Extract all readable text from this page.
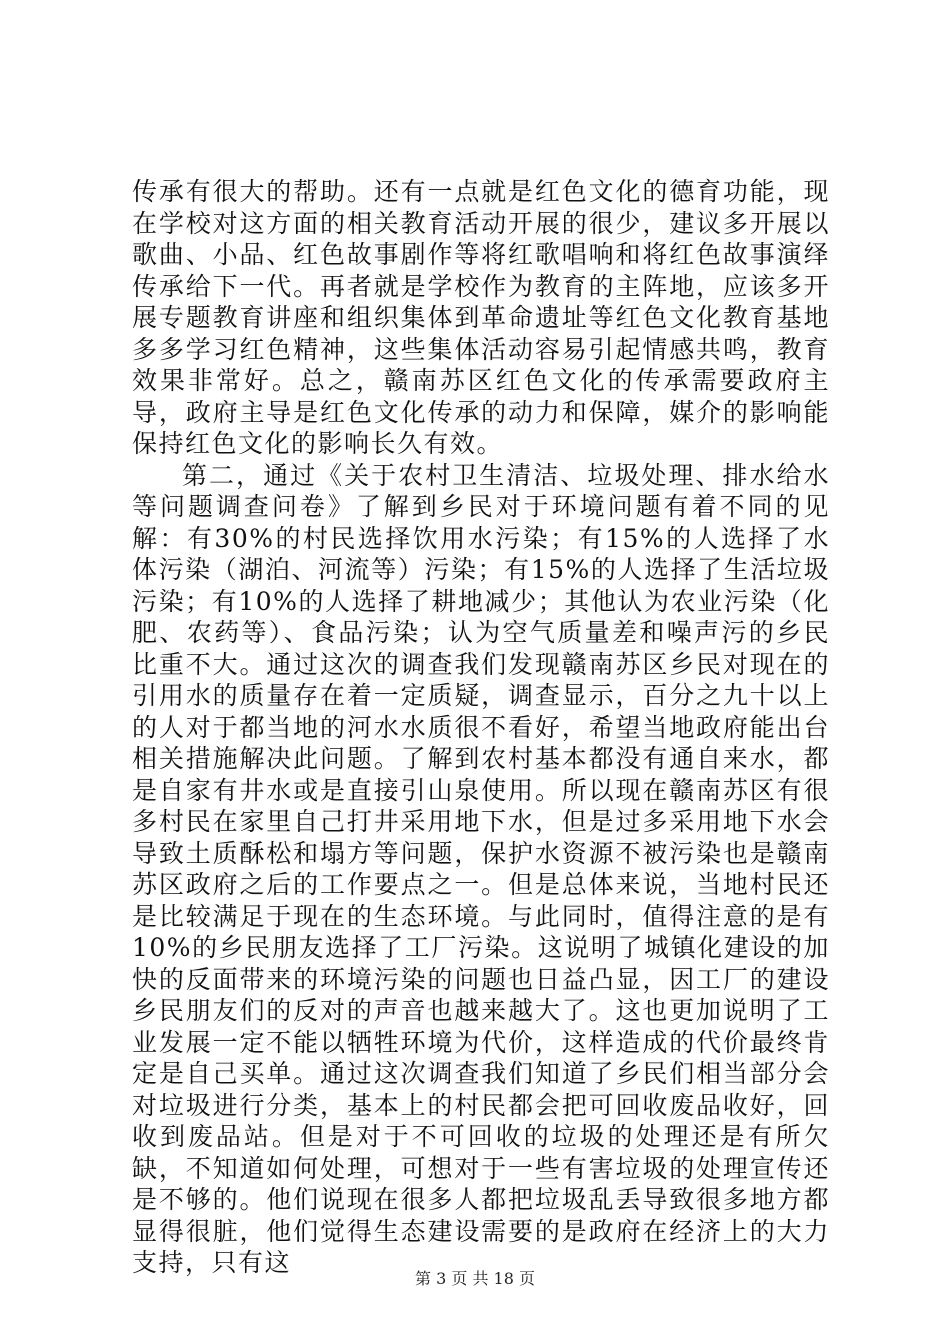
传承有很大的帮助。还有一点就是红色文化的德育功能，现在学校对这方面的相关教育活动开展的很少，建议多开展以歌曲、小品、红色故事剧作等将红歌唱响和将红色故事演绎传承给下一代。再者就是学校作为教育的主阵地，应该多开展专题教育讲座和组织集体到革命遗址等红色文化教育基地多多学习红色精神，这些集体活动容易引起情感共鸣，教育效果非常好。总之，赣南苏区红色文化的传承需要政府主导，政府主导是红色文化传承的动力和保障，媒介的影响能保持红色文化的影响长久有效。

第二，通过《关于农村卫生清洁、垃圾处理、排水给水等问题调查问卷》了解到乡民对于环境问题有着不同的见解：有30%的村民选择饮用水污染；有15%的人选择了水体污染（湖泊、河流等）污染；有15%的人选择了生活垃圾污染；有10%的人选择了耕地减少；其他认为农业污染（化肥、农药等）、食品污染；认为空气质量差和噪声污的乡民比重不大。通过这次的调查我们发现赣南苏区乡民对现在的引用水的质量存在着一定质疑，调查显示，百分之九十以上的人对于都当地的河水水质很不看好，希望当地政府能出台相关措施解决此问题。了解到农村基本都没有通自来水，都是自家有井水或是直接引山泉使用。所以现在赣南苏区有很多村民在家里自己打井采用地下水，但是过多采用地下水会导致土质酥松和塌方等问题，保护水资源不被污染也是赣南苏区政府之后的工作要点之一。但是总体来说，当地村民还是比较满足于现在的生态环境。与此同时，值得注意的是有10%的乡民朋友选择了工厂污染。这说明了城镇化建设的加快的反面带来的环境污染的问题也日益凸显，因工厂的建设乡民朋友们的反对的声音也越来越大了。这也更加说明了工业发展一定不能以牺牲环境为代价，这样造成的代价最终肯定是自己买单。通过这次调查我们知道了乡民们相当部分会对垃圾进行分类，基本上的村民都会把可回收废品收好，回收到废品站。但是对于不可回收的垃圾的处理还是有所欠缺，不知道如何处理，可想对于一些有害垃圾的处理宣传还是不够的。他们说现在很多人都把垃圾乱丢导致很多地方都显得很脏，他们觉得生态建设需要的是政府在经济上的大力支持，只有这

第 3 页 共 18 页
